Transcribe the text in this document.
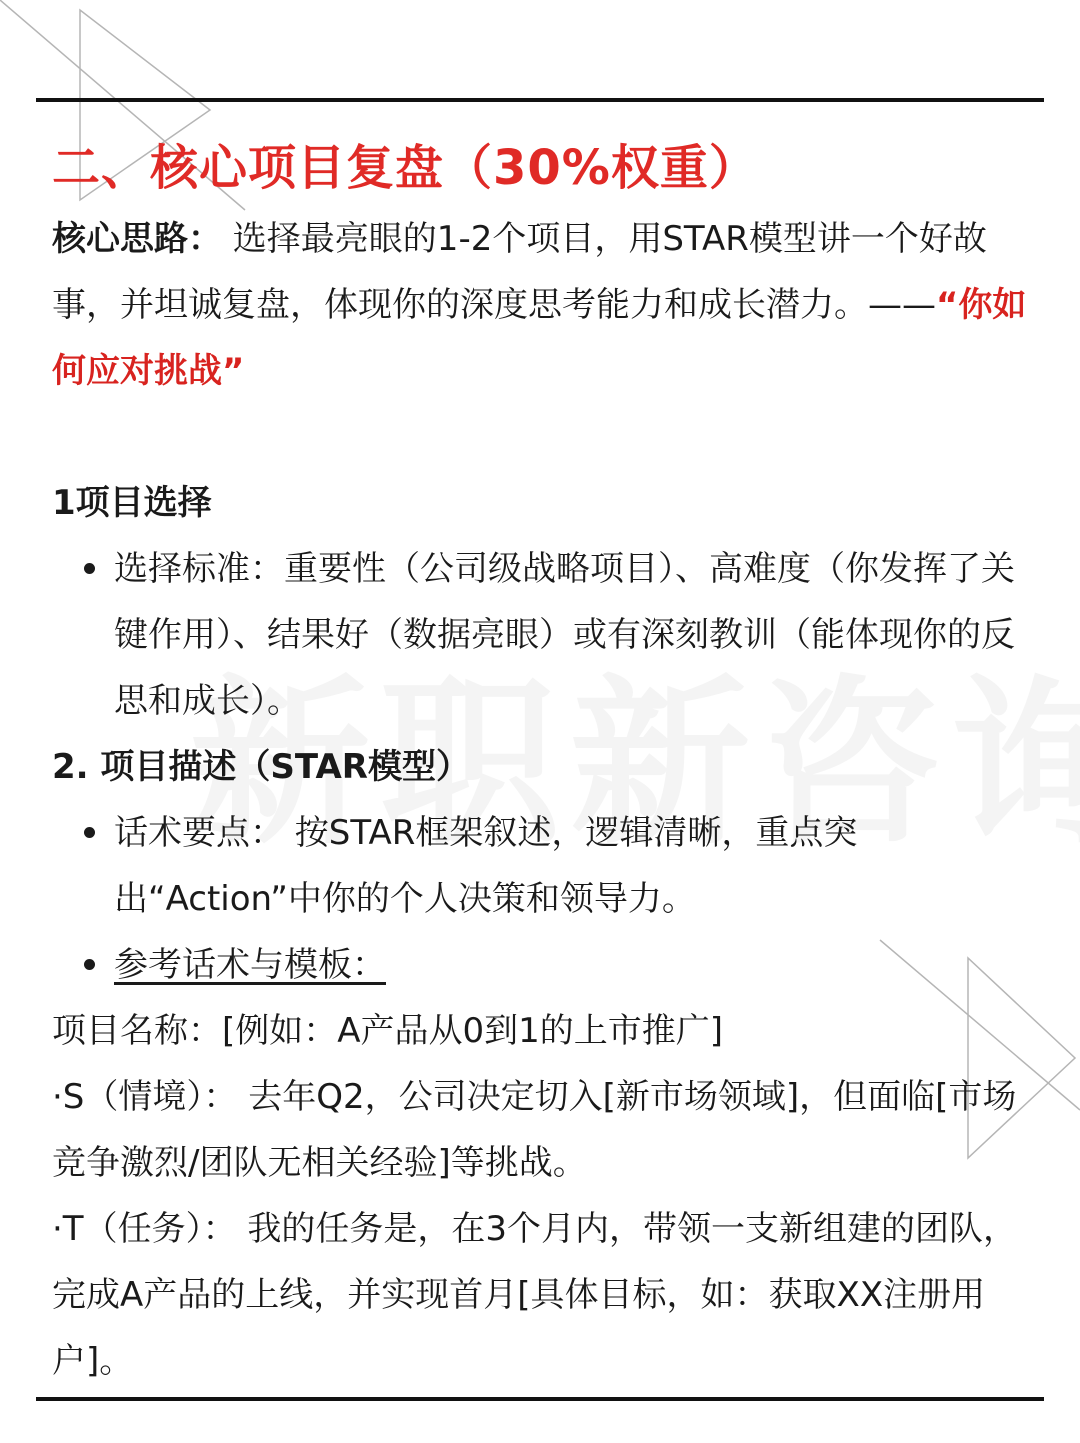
二、核心项目复盘（30%权重）

核心思路： 选择最亮眼的1-2个项目，用STAR模型讲一个好故事，并坦诚复盘，体现你的深度思考能力和成长潜力。——“你如何应对挑战”

1项目选择
选择标准：重要性（公司级战略项目）、高难度（你发挥了关键作用）、结果好（数据亮眼）或有深刻教训（能体现你的反思和成长）。
2. 项目描述（STAR模型）
话术要点： 按STAR框架叙述，逻辑清晰，重点突出“Action”中你的个人决策和领导力。
参考话术与模板：

项目名称：[例如：A产品从0到1的上市推广]

·S（情境）： 去年Q2，公司决定切入[新市场领域]，但面临[市场竞争激烈/团队无相关经验]等挑战。

·T（任务）： 我的任务是，在3个月内，带领一支新组建的团队，完成A产品的上线，并实现首月[具体目标，如：获取XX注册用户]。
